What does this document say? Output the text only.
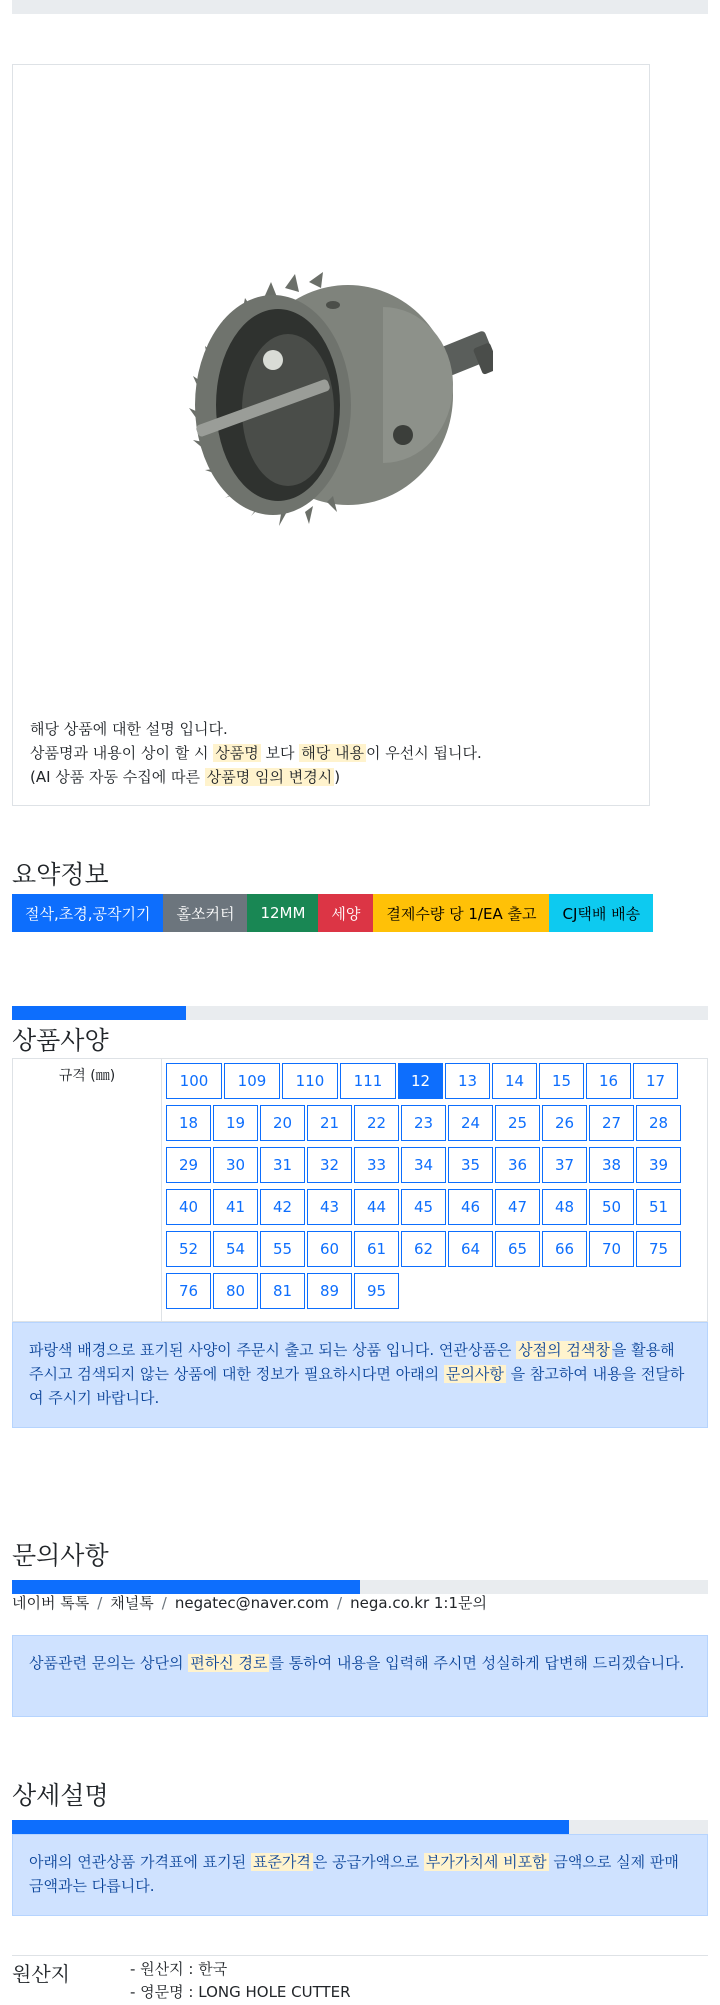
해당 상품에 대한 설명 입니다.
상품명과 내용이 상이 할 시 상품명 보다 해당 내용 이 우선시 됩니다.
(AI 상품 자동 수집에 따른 상품명 임의 변경시 )
요약정보
절삭,초경,공작기기	홀쏘커터	12MM	세양	결제수량 당 1/EA 출고	CJ택배 배송
상품사양
규격 (㎜)	100	109	110	111	12	13	14	15	16	17
18	19	20	21	22	23	24	25	26	27	28
29	30	31	32	33	34	35	36	37	38	39
40	41	42	43	44	45	46	47	48	50	51
52	54	55	60	61	62	64	65	66	70	75
76	80	81	89	95
파랑색 배경으로 표기된 사양이 주문시 출고 되는 상품 입니다. 연관상품은 상점의 검색창 을 활용해 주시고 검색되지 않는 상품에 대한 정보가 필요하시다면 아래의 문의사항 을 참고하여 내용을 전달하여 주시기 바랍니다.
문의사항
네이버 톡톡 / 채널톡 / negatec@naver.com / nega.co.kr 1:1문의
상품관련 문의는 상단의 편하신 경로 를 통하여 내용을 입력해 주시면 성실하게 답변해 드리겠습니다.
상세설명
아래의 연관상품 가격표에 표기된 표준가격 은 공급가액으로 부가가치세 비포함 금액으로 실제 판매금액과는 다릅니다.
원산지	- 원산지 : 한국
- 영문명 : LONG HOLE CUTTER
